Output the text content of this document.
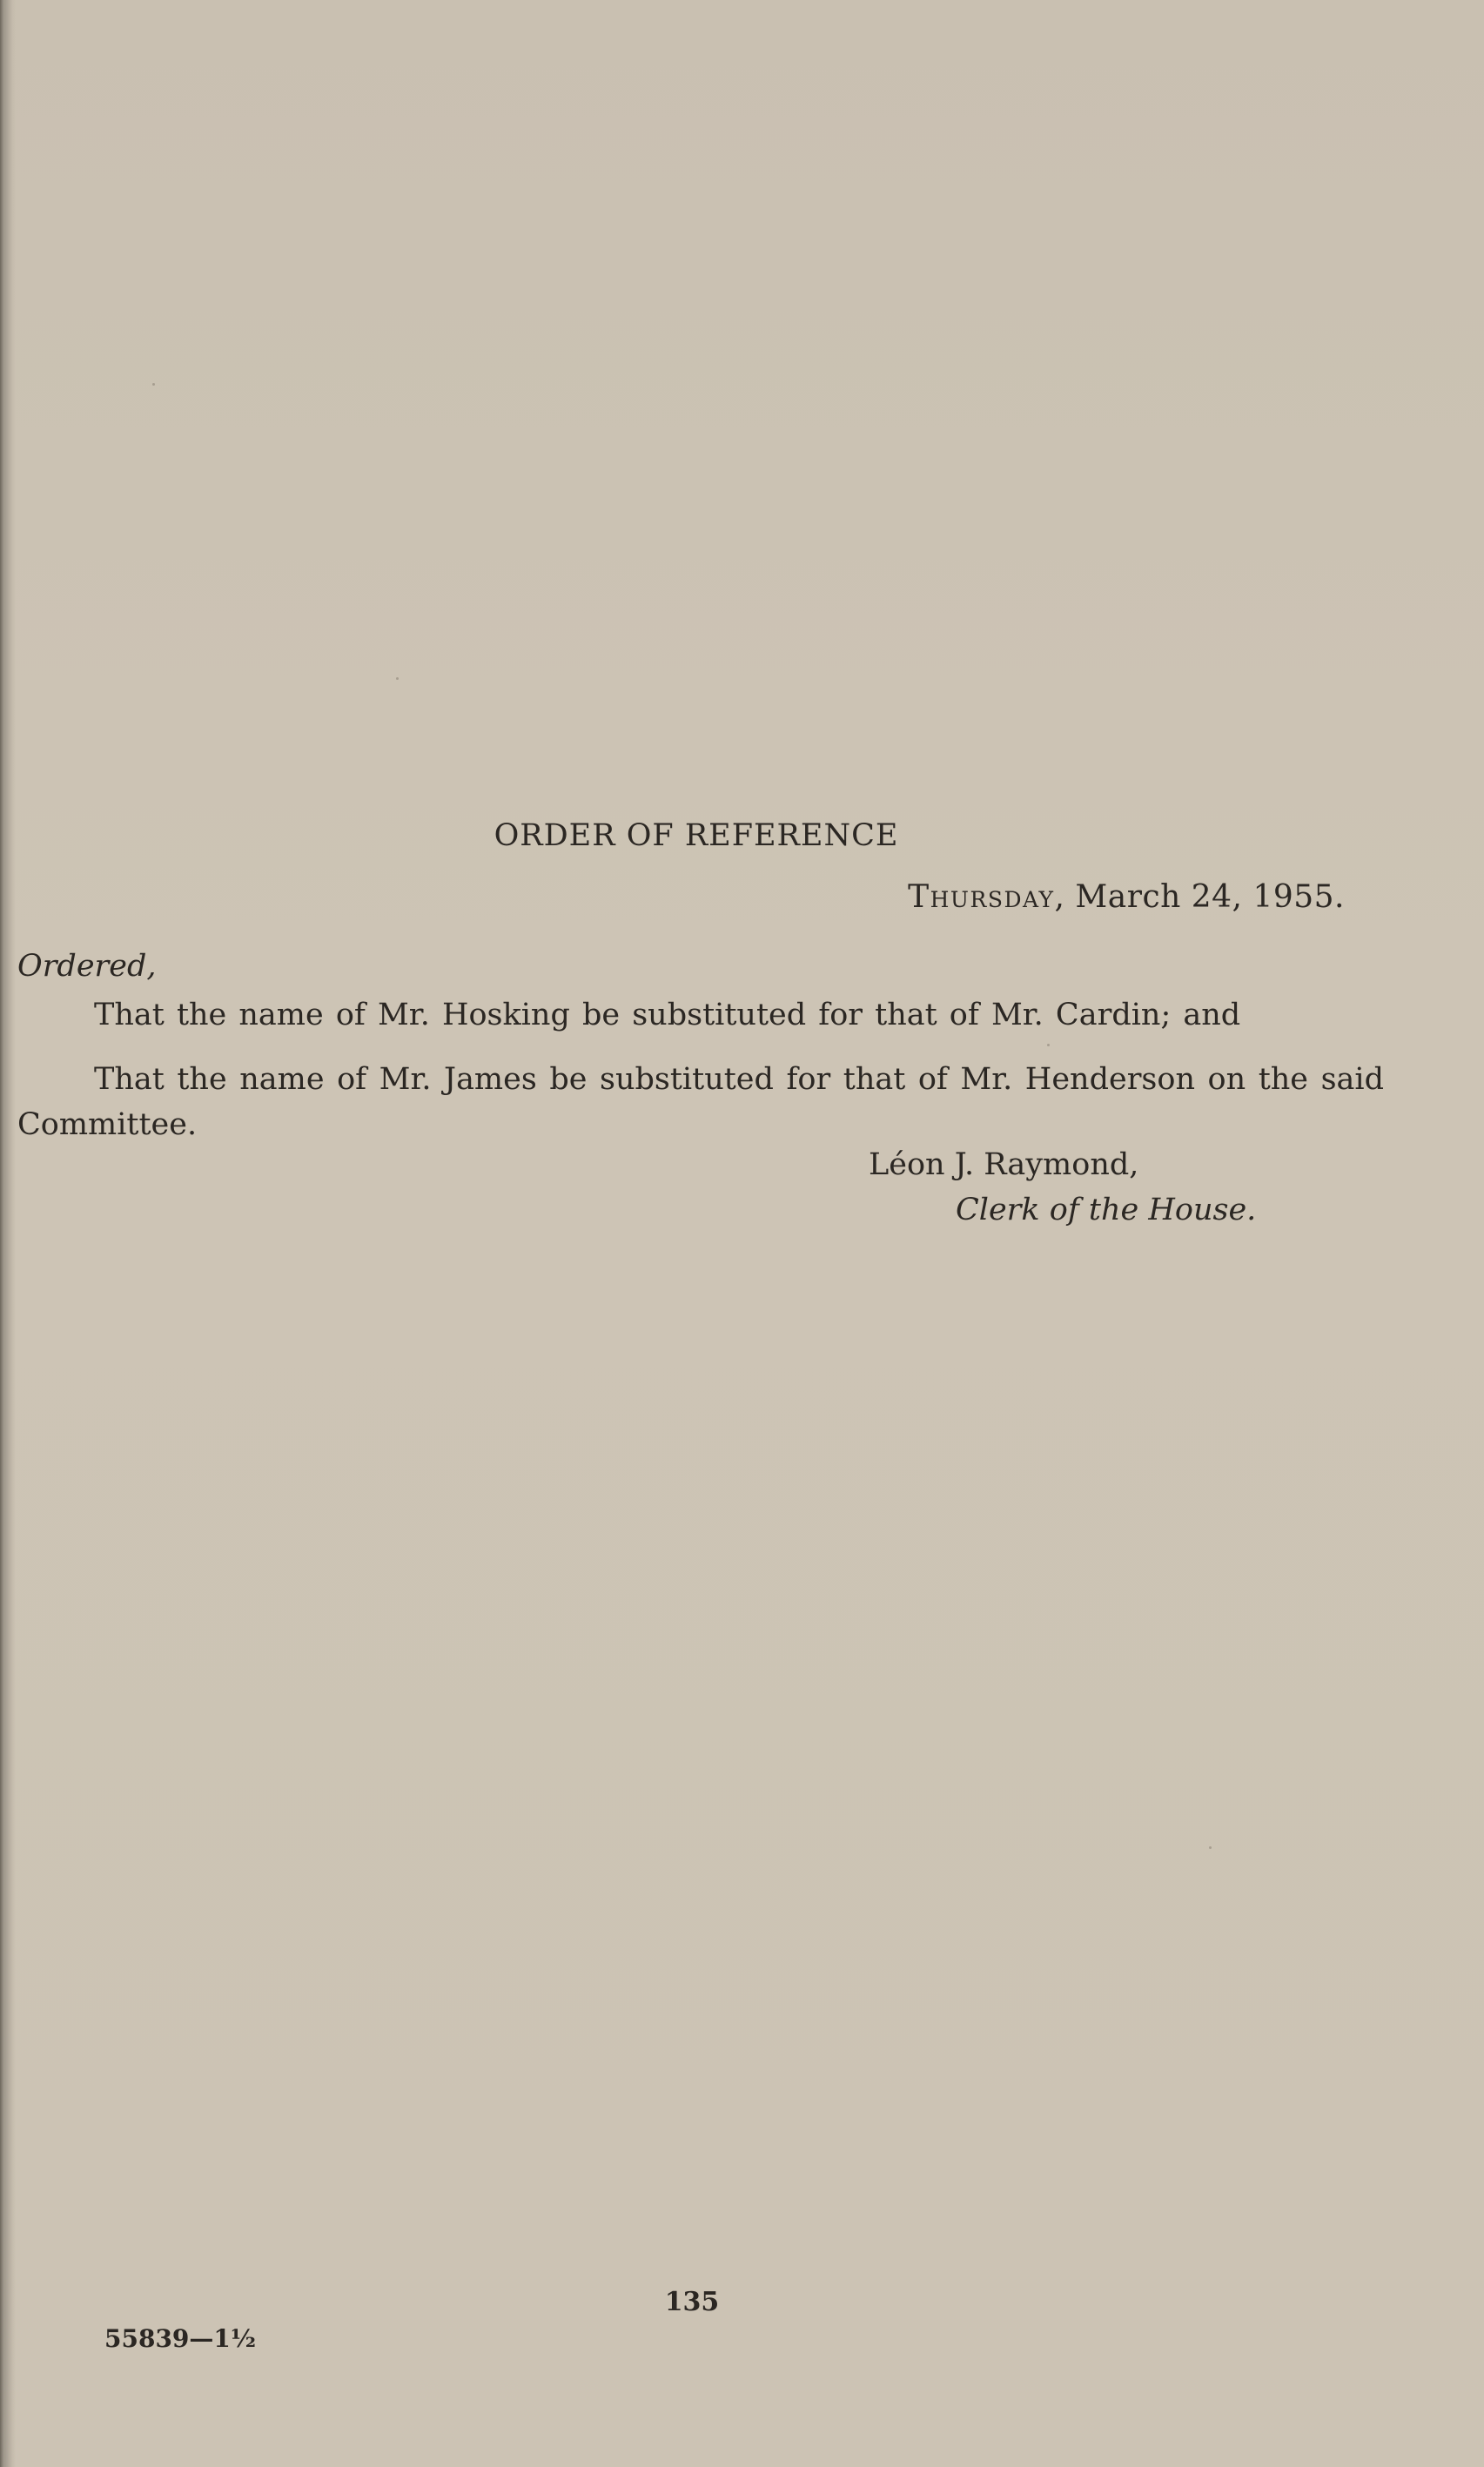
ORDER OF REFERENCE
Thursday, March 24, 1955.
Ordered,
That the name of Mr. Hosking be substituted for that of Mr. Cardin; and
That the name of Mr. James be substituted for that of Mr. Henderson on the said Committee.
Léon J. Raymond,
Clerk of the House.
135
55839—1½
